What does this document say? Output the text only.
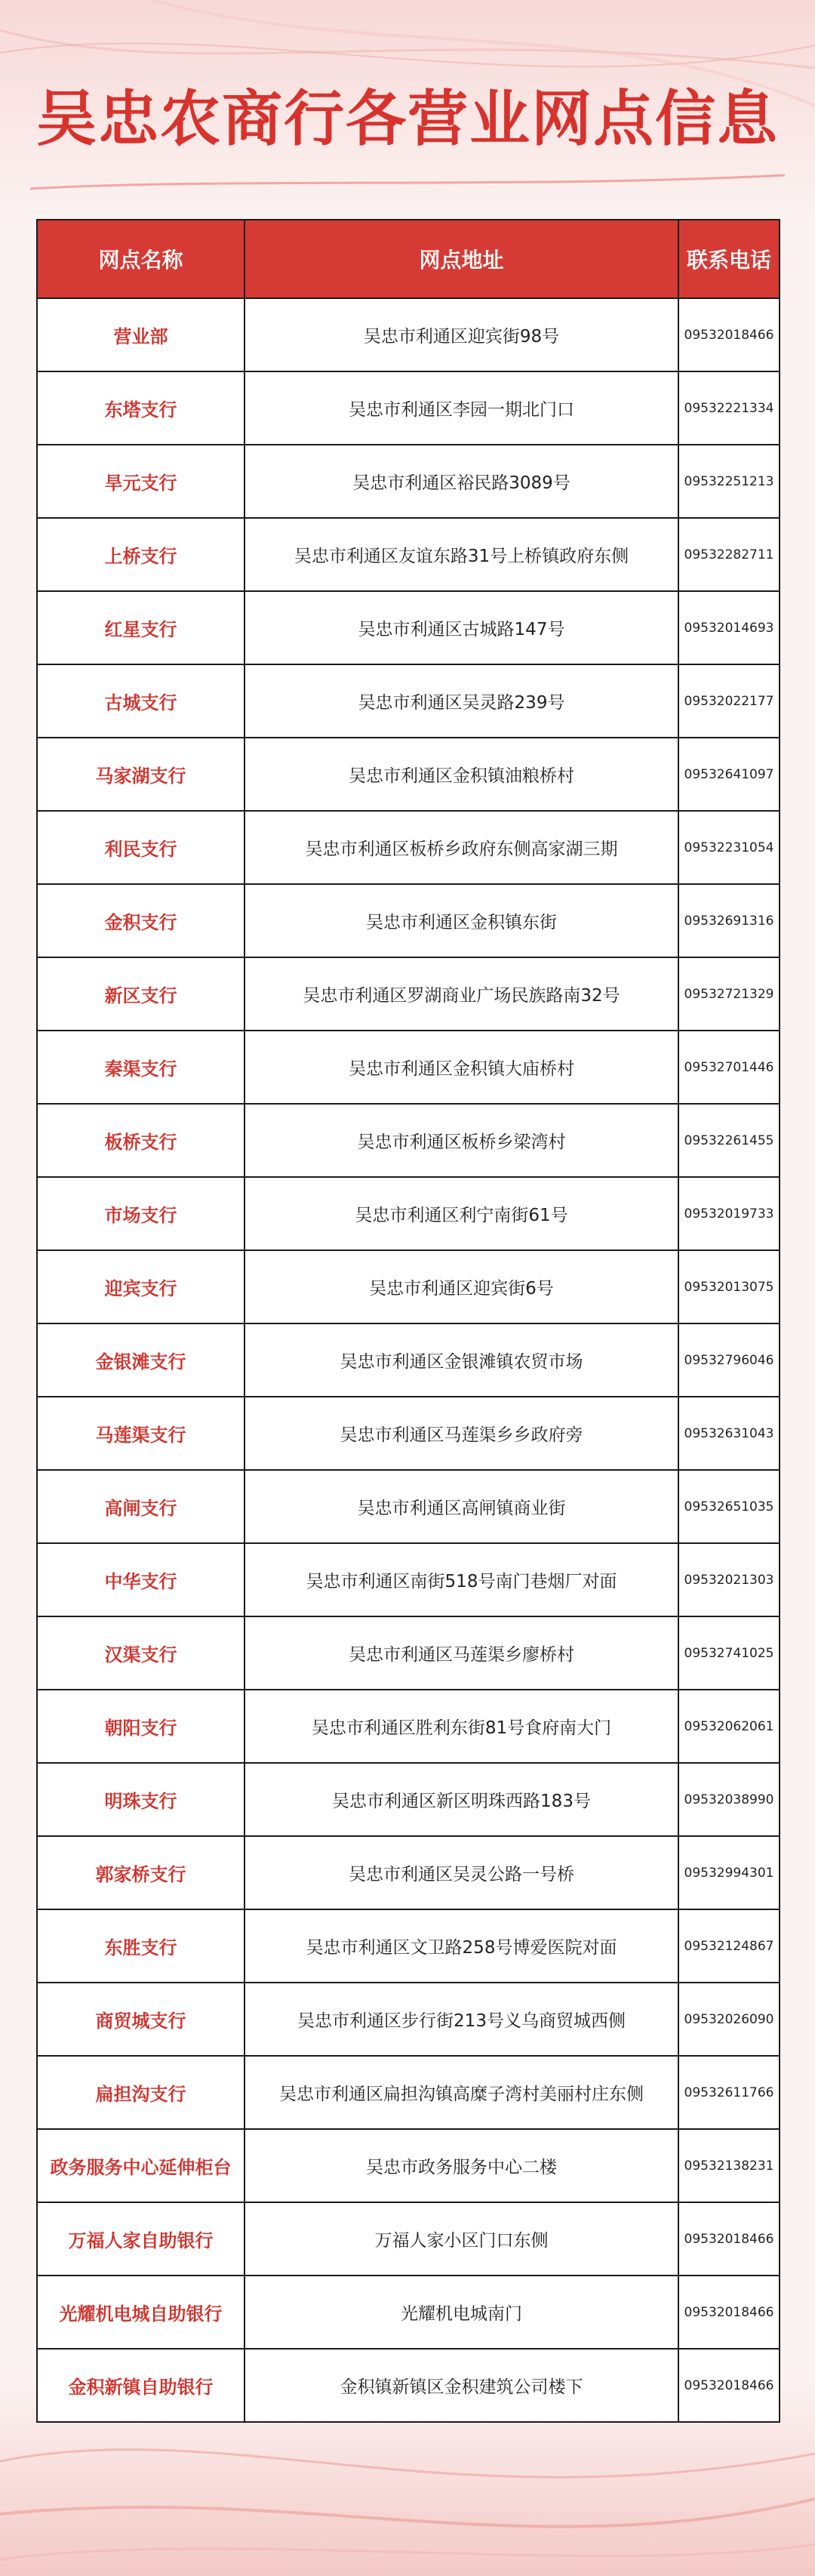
吴忠农商行各营业网点信息
网点名称	网点地址	联系电话
营业部	吴忠市利通区迎宾街98号	09532018466
东塔支行	吴忠市利通区李园一期北门口	09532221334
旱元支行	吴忠市利通区裕民路3089号	09532251213
上桥支行	吴忠市利通区友谊东路31号上桥镇政府东侧	09532282711
红星支行	吴忠市利通区古城路147号	09532014693
古城支行	吴忠市利通区吴灵路239号	09532022177
马家湖支行	吴忠市利通区金积镇油粮桥村	09532641097
利民支行	吴忠市利通区板桥乡政府东侧高家湖三期	09532231054
金积支行	吴忠市利通区金积镇东街	09532691316
新区支行	吴忠市利通区罗湖商业广场民族路南32号	09532721329
秦渠支行	吴忠市利通区金积镇大庙桥村	09532701446
板桥支行	吴忠市利通区板桥乡梁湾村	09532261455
市场支行	吴忠市利通区利宁南街61号	09532019733
迎宾支行	吴忠市利通区迎宾街6号	09532013075
金银滩支行	吴忠市利通区金银滩镇农贸市场	09532796046
马莲渠支行	吴忠市利通区马莲渠乡乡政府旁	09532631043
高闸支行	吴忠市利通区高闸镇商业街	09532651035
中华支行	吴忠市利通区南街518号南门巷烟厂对面	09532021303
汉渠支行	吴忠市利通区马莲渠乡廖桥村	09532741025
朝阳支行	吴忠市利通区胜利东街81号食府南大门	09532062061
明珠支行	吴忠市利通区新区明珠西路183号	09532038990
郭家桥支行	吴忠市利通区吴灵公路一号桥	09532994301
东胜支行	吴忠市利通区文卫路258号博爱医院对面	09532124867
商贸城支行	吴忠市利通区步行街213号义乌商贸城西侧	09532026090
扁担沟支行	吴忠市利通区扁担沟镇高糜子湾村美丽村庄东侧	09532611766
政务服务中心延伸柜台	吴忠市政务服务中心二楼	09532138231
万福人家自助银行	万福人家小区门口东侧	09532018466
光耀机电城自助银行	光耀机电城南门	09532018466
金积新镇自助银行	金积镇新镇区金积建筑公司楼下	09532018466
